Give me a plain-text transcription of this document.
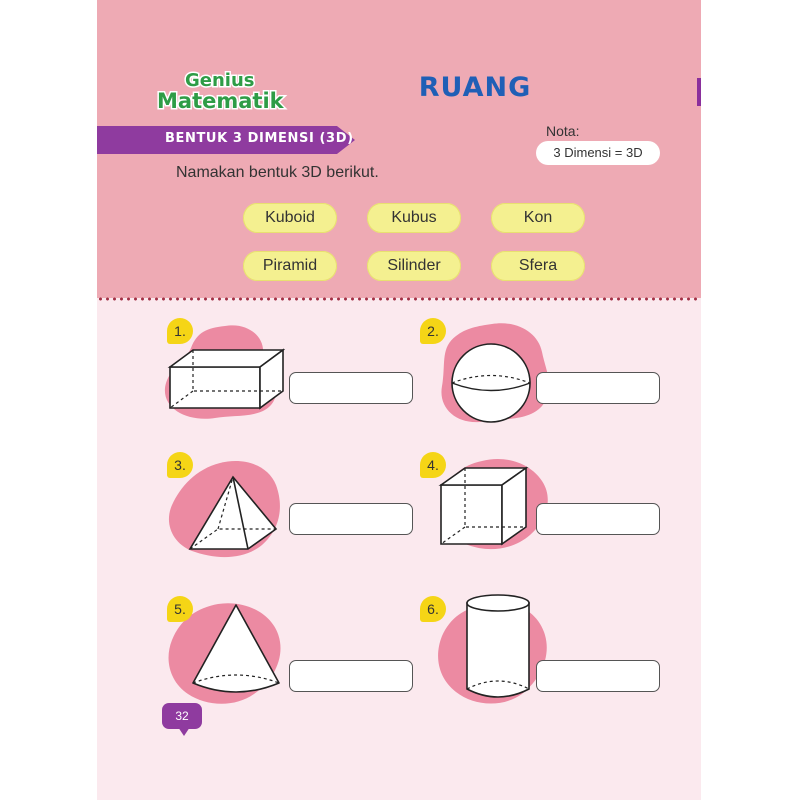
Genius
Matematik	RUANG
BENTUK 3 DIMENSI (3D)	Nota:
3 Dimensi = 3D
Namakan bentuk 3D berikut.
Kuboid	Kubus	Kon
Piramid	Silinder	Sfera
1.	2.
3.	4.
5.	6.
32
